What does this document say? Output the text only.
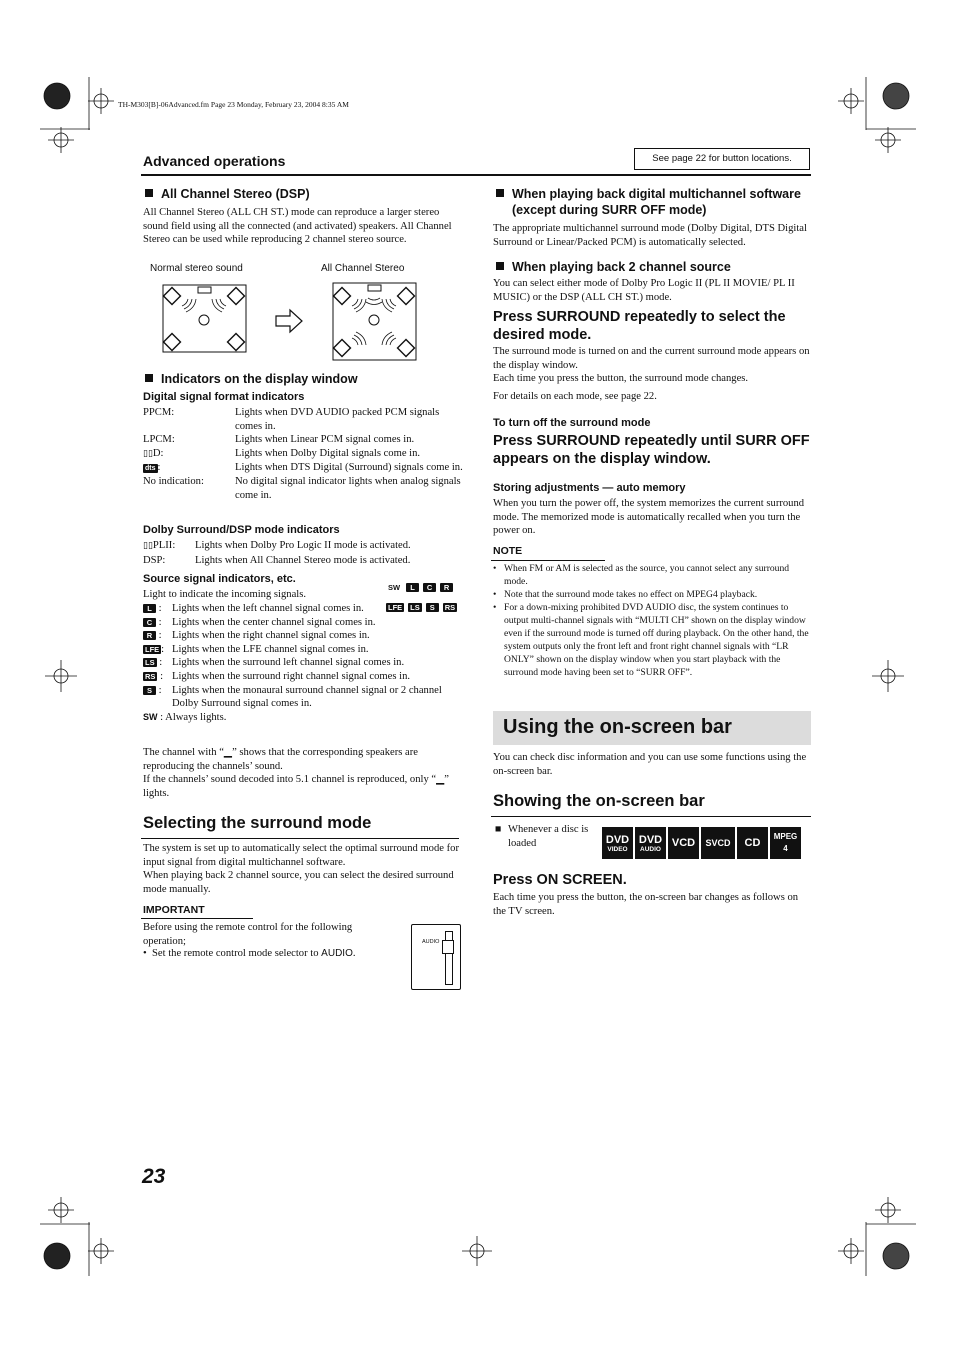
TH-M303[B]-06Advanced.fm Page 23 Monday, February 23, 2004 8:35 AM
Advanced operations	See page 22 for button locations.
All Channel Stereo (DSP)
All Channel Stereo (ALL CH ST.) mode can reproduce a larger stereo sound field using all the connected (and activated) speakers. All Channel Stereo can be used while reproducing 2 channel stereo source.
Normal stereo sound	All Channel Stereo
Indicators on the display window
Digital signal format indicators
PPCM:	Lights when DVD AUDIO packed PCM signals comes in.
LPCM:	Lights when Linear PCM signal comes in.
▯▯D:	Lights when Dolby Digital signals come in.
dts :	Lights when DTS Digital (Surround) signals come in.
No indication:	No digital signal indicator lights when analog signals come in.
Dolby Surround/DSP mode indicators
▯▯PLII:	Lights when Dolby Pro Logic II mode is activated.
DSP:	Lights when All Channel Stereo mode is activated.
Source signal indicators, etc.
Light to indicate the incoming signals.
SW L C R
LFE LS S RS
L : Lights when the left channel signal comes in.
C : Lights when the center channel signal comes in.
R : Lights when the right channel signal comes in.
LFE : Lights when the LFE channel signal comes in.
LS : Lights when the surround left channel signal comes in.
RS : Lights when the surround right channel signal comes in.
S : Lights when the monaural surround channel signal or 2 channel Dolby Surround signal comes in.
SW
: Always lights.
The channel with “▁” shows that the corresponding speakers are reproducing the channels’ sound.
If the channels’ sound decoded into 5.1 channel is reproduced, only “▁” lights.
Selecting the surround mode
The system is set up to automatically select the optimal surround mode for input signal from digital multichannel software.
When playing back 2 channel source, you can select the desired surround mode manually.
IMPORTANT
Before using the remote control for the following operation;
•  Set the remote control mode selector to AUDIO.
AUDIO
When playing back digital multichannel software (except during SURR OFF mode)
The appropriate multichannel surround mode (Dolby Digital, DTS Digital Surround or Linear/Packed PCM) is automatically selected.
When playing back 2 channel source
You can select either mode of Dolby Pro Logic II (PL II MOVIE/ PL II MUSIC) or the DSP (ALL CH ST.) mode.
Press SURROUND repeatedly to select the desired mode.
The surround mode is turned on and the current surround mode appears on the display window.
Each time you press the button, the surround mode changes.
For details on each mode, see page 22.
To turn off the surround mode
Press SURROUND repeatedly until SURR OFF appears on the display window.
Storing adjustments — auto memory
When you turn the power off, the system memorizes the current surround mode. The memorized mode is automatically recalled when you turn the power on.
NOTE
• When FM or AM is selected as the source, you cannot select any surround mode.
• Note that the surround mode takes no effect on MPEG4 playback.
• For a down-mixing prohibited DVD AUDIO disc, the system continues to output multi-channel signals with “MULTI CH” shown on the display window even if the surround mode is turned off during playback. On the other hand, the system outputs only the front left and front right channel signals with “LR ONLY” shown on the display window when you start playback with the surround mode having been set to “SURR OFF”.
Using the on-screen bar
You can check disc information and you can use some functions using the on-screen bar.
Showing the on-screen bar
■ Whenever a disc is loaded	DVD
VIDEO
DVD
AUDIO VCD SVCD CD
MPEG
4
Press ON SCREEN.
Each time you press the button, the on-screen bar changes as follows on the TV screen.
23
